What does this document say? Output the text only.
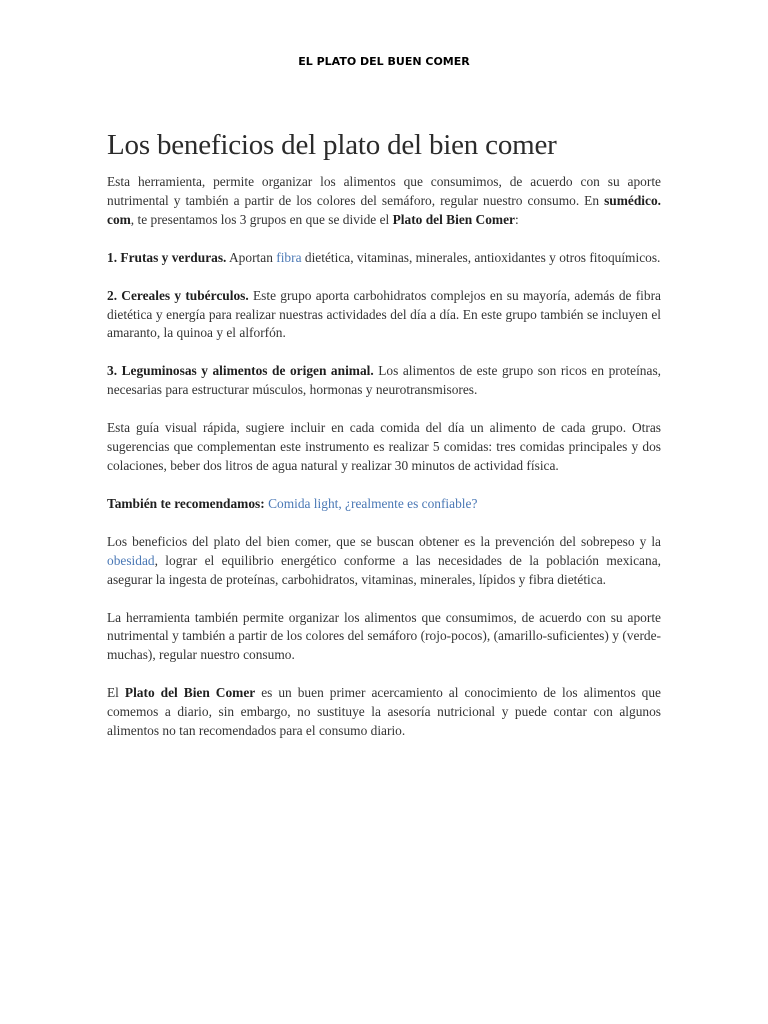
EL PLATO DEL BUEN COMER
Los beneficios del plato del bien comer

Esta herramienta, permite organizar los alimentos que consumimos, de acuerdo con su aporte nutrimental y también a partir de los colores del semáforo, regular nuestro consumo. En sumédico. com, te presentamos los 3 grupos en que se divide el Plato del Bien Comer:

1. Frutas y verduras. Aportan fibra dietética, vitaminas, minerales, antioxidantes y otros fitoquímicos.

2. Cereales y tubérculos. Este grupo aporta carbohidratos complejos en su mayoría, además de fibra dietética y energía para realizar nuestras actividades del día a día. En este grupo también se incluyen el amaranto, la quinoa y el alforfón.

3. Leguminosas y alimentos de origen animal. Los alimentos de este grupo son ricos en proteínas, necesarias para estructurar músculos, hormonas y neurotransmisores.

Esta guía visual rápida, sugiere incluir en cada comida del día un alimento de cada grupo. Otras sugerencias que complementan este instrumento es realizar 5 comidas: tres comidas principales y dos colaciones, beber dos litros de agua natural y realizar 30 minutos de actividad física.

También te recomendamos: Comida light, ¿realmente es confiable?

Los beneficios del plato del bien comer, que se buscan obtener es la prevención del sobrepeso y la obesidad, lograr el equilibrio energético conforme a las necesidades de la población mexicana, asegurar la ingesta de proteínas, carbohidratos, vitaminas, minerales, lípidos y fibra dietética.

La herramienta también permite organizar los alimentos que consumimos, de acuerdo con su aporte nutrimental y también a partir de los colores del semáforo (rojo-pocos), (amarillo-suficientes) y (verde-muchas), regular nuestro consumo.

El Plato del Bien Comer es un buen primer acercamiento al conocimiento de los alimentos que comemos a diario, sin embargo, no sustituye la asesoría nutricional y puede contar con algunos alimentos no tan recomendados para el consumo diario.
